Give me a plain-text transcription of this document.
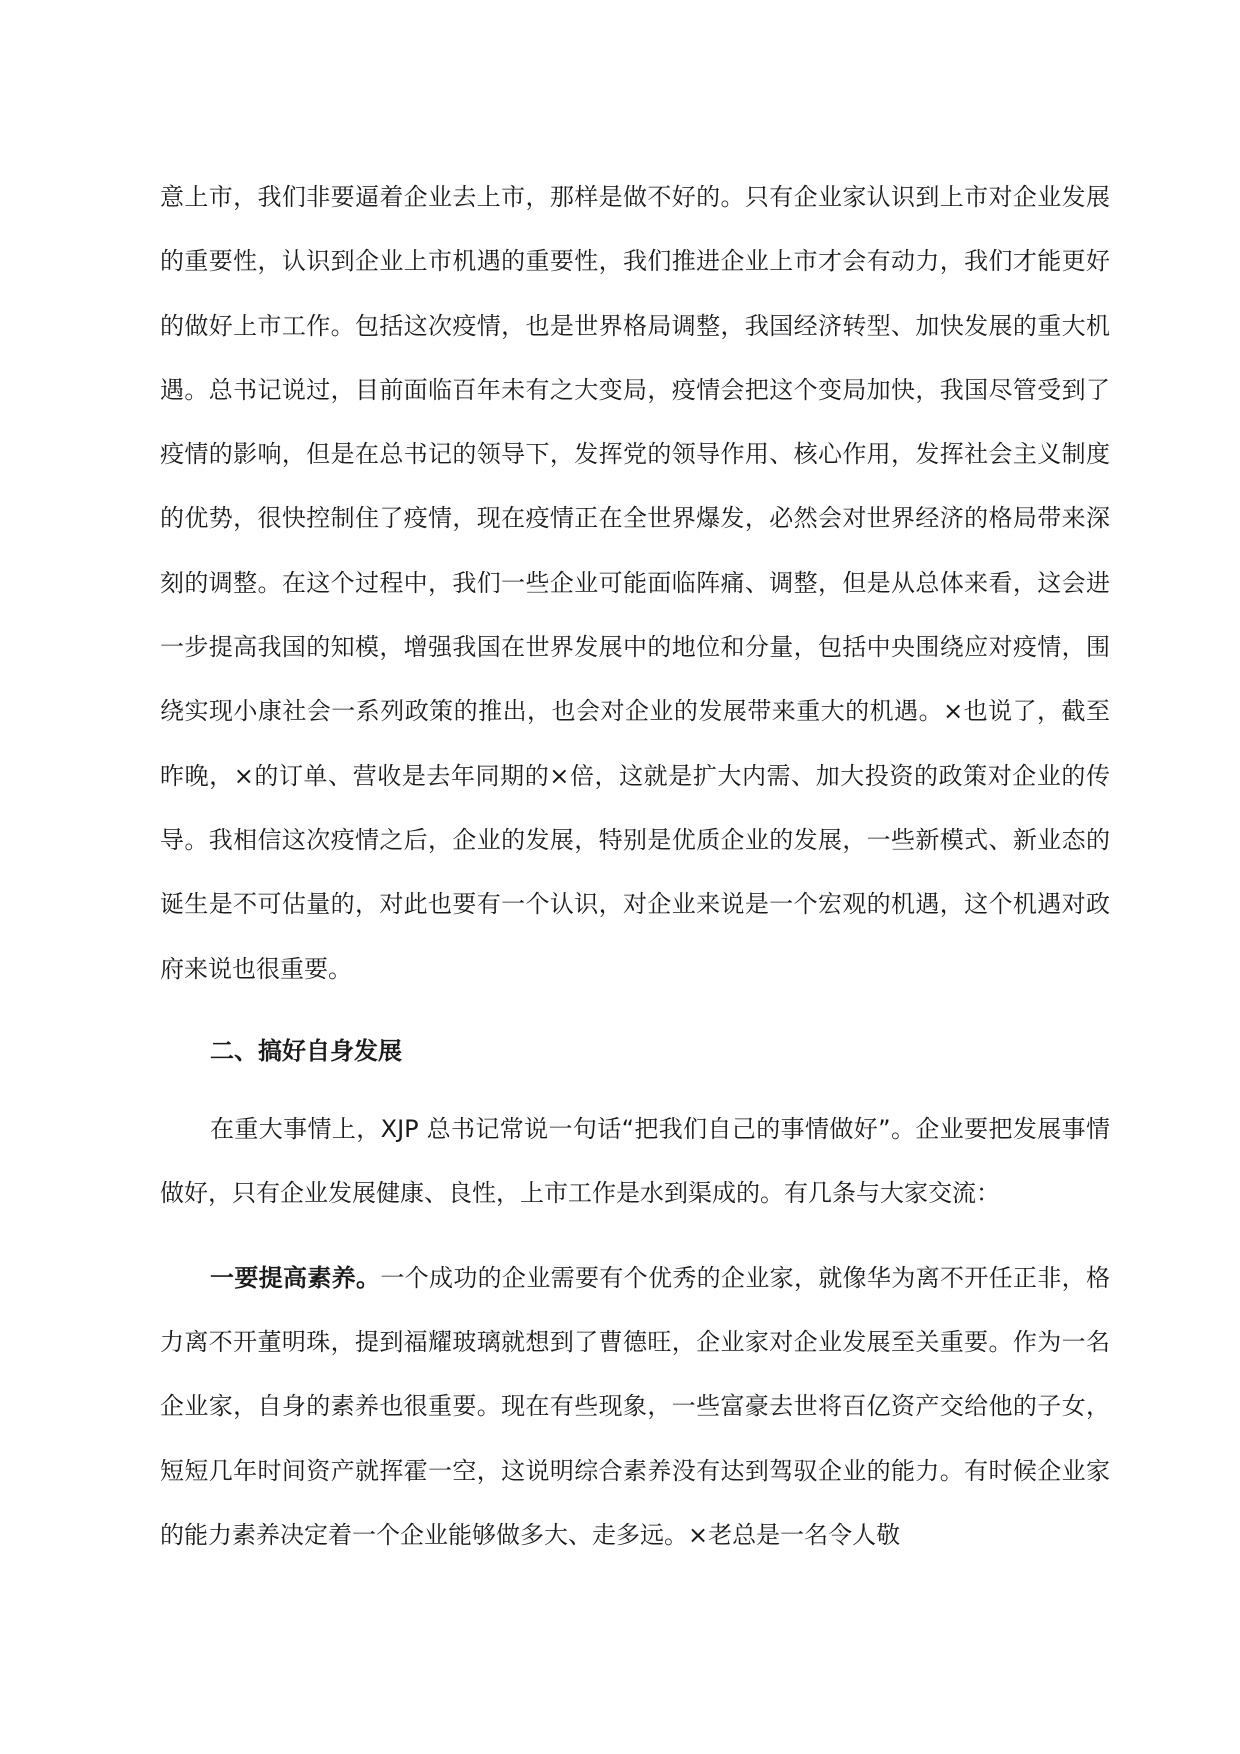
意上市，我们非要逼着企业去上市，那样是做不好的。只有企业家认识到上市对企业发展的重要性，认识到企业上市机遇的重要性，我们推进企业上市才会有动力，我们才能更好的做好上市工作。包括这次疫情，也是世界格局调整，我国经济转型、加快发展的重大机遇。总书记说过，目前面临百年未有之大变局，疫情会把这个变局加快，我国尽管受到了疫情的影响，但是在总书记的领导下，发挥党的领导作用、核心作用，发挥社会主义制度的优势，很快控制住了疫情，现在疫情正在全世界爆发，必然会对世界经济的格局带来深刻的调整。在这个过程中，我们一些企业可能面临阵痛、调整，但是从总体来看，这会进一步提高我国的知模，增强我国在世界发展中的地位和分量，包括中央围绕应对疫情，围绕实现小康社会一系列政策的推出，也会对企业的发展带来重大的机遇。×也说了，截至昨晚，×的订单、营收是去年同期的×倍，这就是扩大内需、加大投资的政策对企业的传导。我相信这次疫情之后，企业的发展，特别是优质企业的发展，一些新模式、新业态的诞生是不可估量的，对此也要有一个认识，对企业来说是一个宏观的机遇，这个机遇对政府来说也很重要。

二、搞好自身发展

在重大事情上，XJP 总书记常说一句话“把我们自己的事情做好”。企业要把发展事情做好，只有企业发展健康、良性，上市工作是水到渠成的。有几条与大家交流：

一要提高素养。一个成功的企业需要有个优秀的企业家，就像华为离不开任正非，格力离不开董明珠，提到福耀玻璃就想到了曹德旺，企业家对企业发展至关重要。作为一名企业家，自身的素养也很重要。现在有些现象，一些富豪去世将百亿资产交给他的子女，短短几年时间资产就挥霍一空，这说明综合素养没有达到驾驭企业的能力。有时候企业家的能力素养决定着一个企业能够做多大、走多远。×老总是一名令人敬
